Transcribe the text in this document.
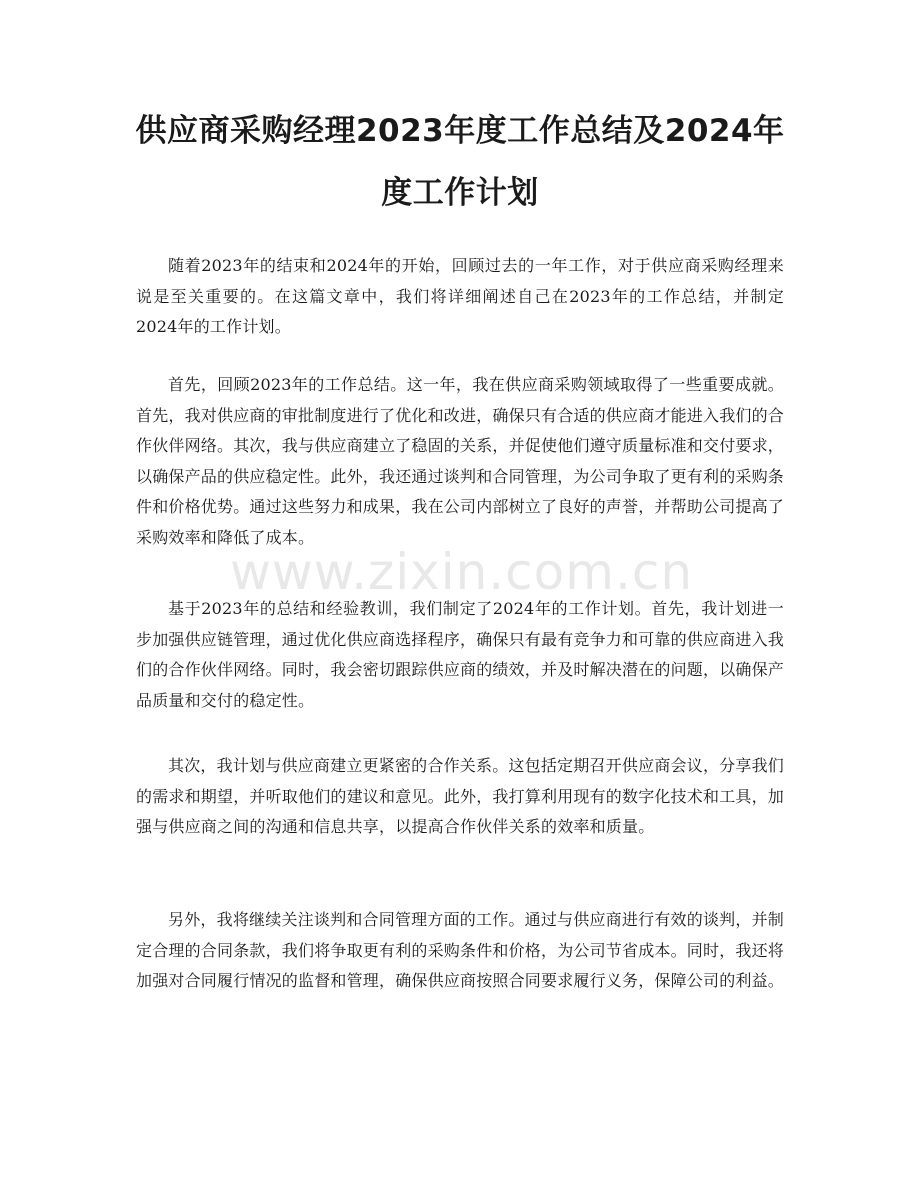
供应商采购经理2023年度工作总结及2024年度工作计划

随着2023年的结束和2024年的开始，回顾过去的一年工作，对于供应商采购经理来说是至关重要的。在这篇文章中，我们将详细阐述自己在2023年的工作总结，并制定2024年的工作计划。

首先，回顾2023年的工作总结。这一年，我在供应商采购领域取得了一些重要成就。首先，我对供应商的审批制度进行了优化和改进，确保只有合适的供应商才能进入我们的合作伙伴网络。其次，我与供应商建立了稳固的关系，并促使他们遵守质量标准和交付要求，以确保产品的供应稳定性。此外，我还通过谈判和合同管理，为公司争取了更有利的采购条件和价格优势。通过这些努力和成果，我在公司内部树立了良好的声誉，并帮助公司提高了采购效率和降低了成本。

基于2023年的总结和经验教训，我们制定了2024年的工作计划。首先，我计划进一步加强供应链管理，通过优化供应商选择程序，确保只有最有竞争力和可靠的供应商进入我们的合作伙伴网络。同时，我会密切跟踪供应商的绩效，并及时解决潜在的问题，以确保产品质量和交付的稳定性。

其次，我计划与供应商建立更紧密的合作关系。这包括定期召开供应商会议，分享我们的需求和期望，并听取他们的建议和意见。此外，我打算利用现有的数字化技术和工具，加强与供应商之间的沟通和信息共享，以提高合作伙伴关系的效率和质量。

另外，我将继续关注谈判和合同管理方面的工作。通过与供应商进行有效的谈判，并制定合理的合同条款，我们将争取更有利的采购条件和价格，为公司节省成本。同时，我还将加强对合同履行情况的监督和管理，确保供应商按照合同要求履行义务，保障公司的利益。

www.zixin.com.cn
